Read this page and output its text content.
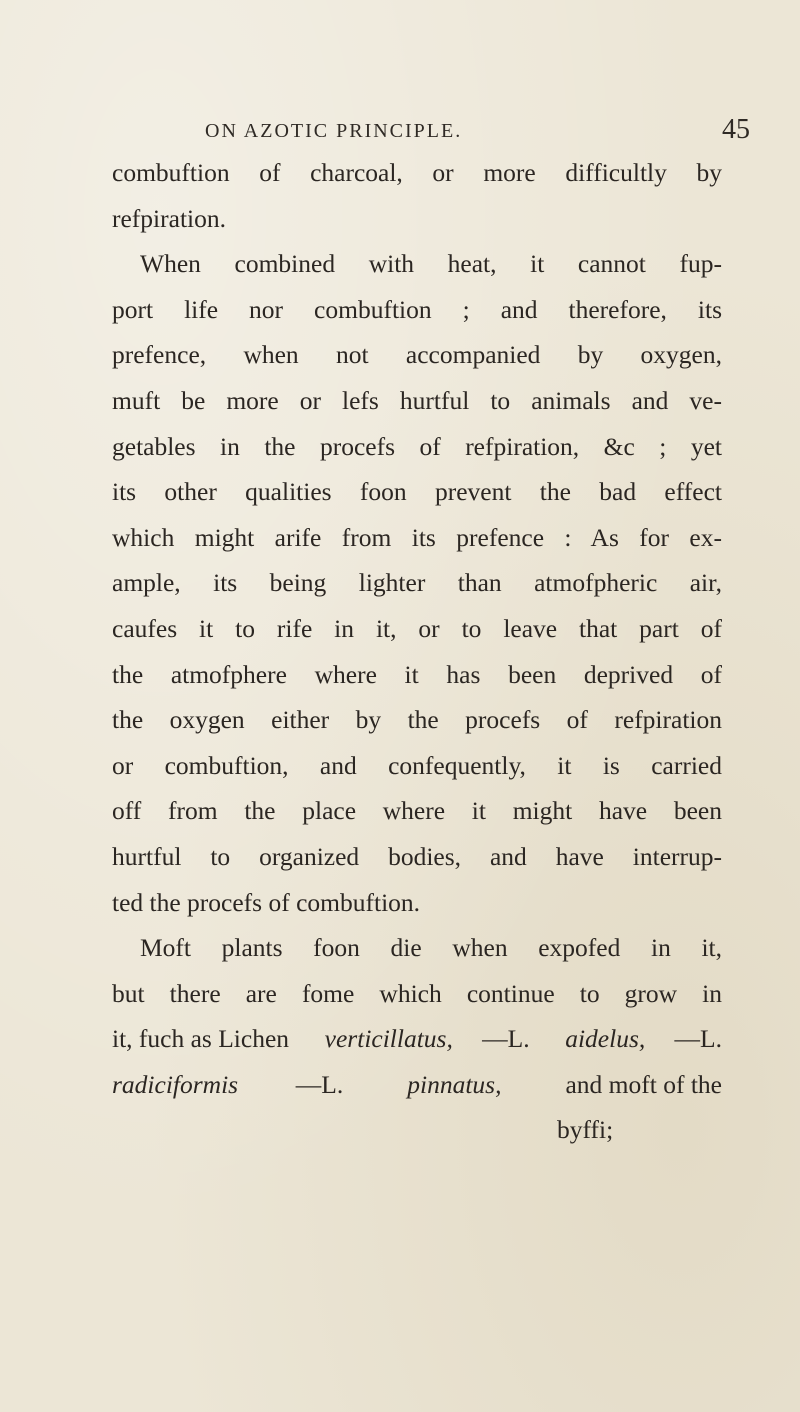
ON AZOTIC PRINCIPLE.	45
combuftion of charcoal, or more difficultly by
refpiration.
When combined with heat, it cannot fup-
port life nor combuftion ; and therefore, its
prefence, when not accompanied by oxygen,
muft be more or lefs hurtful to animals and ve-
getables in the procefs of refpiration, &c ; yet
its other qualities foon prevent the bad effect
which might arife from its prefence : As for ex-
ample, its being lighter than atmofpheric air,
caufes it to rife in it, or to leave that part of
the atmofphere where it has been deprived of
the oxygen either by the procefs of refpiration
or combuftion, and confequently, it is carried
off from the place where it might have been
hurtful to organized bodies, and have interrup-
ted the procefs of combuftion.
Moft plants foon die when expofed in it,
but there are fome which continue to grow in
it, fuch as Lichen verticillatus, —L. aidelus, —L.
radiciformis —L. pinnatus, and moft of the
byffi;
